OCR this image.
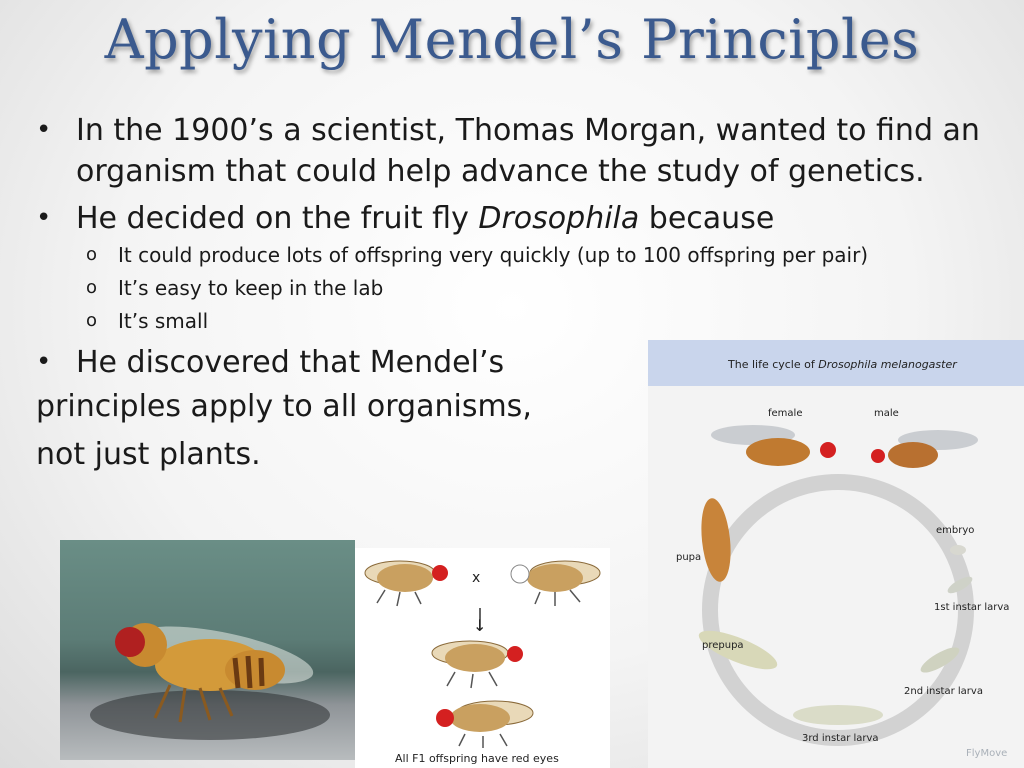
Applying Mendel’s Principles
• In the 1900’s a scientist, Thomas Morgan, wanted to find an organism that could help advance the study of genetics.
• He decided on the fruit fly Drosophila because
o It could produce lots of offspring very quickly (up to 100 offspring per pair)
o It’s easy to keep in the lab
o It’s small
• He discovered that Mendel’s
principles apply to all organisms,
not just plants.
x
↓
All F1 offspring have red eyes
The life cycle of Drosophila melanogaster
female	male
pupa
embryo
1st instar larva
prepupa
2nd instar larva
3rd instar larva
FlyMove
